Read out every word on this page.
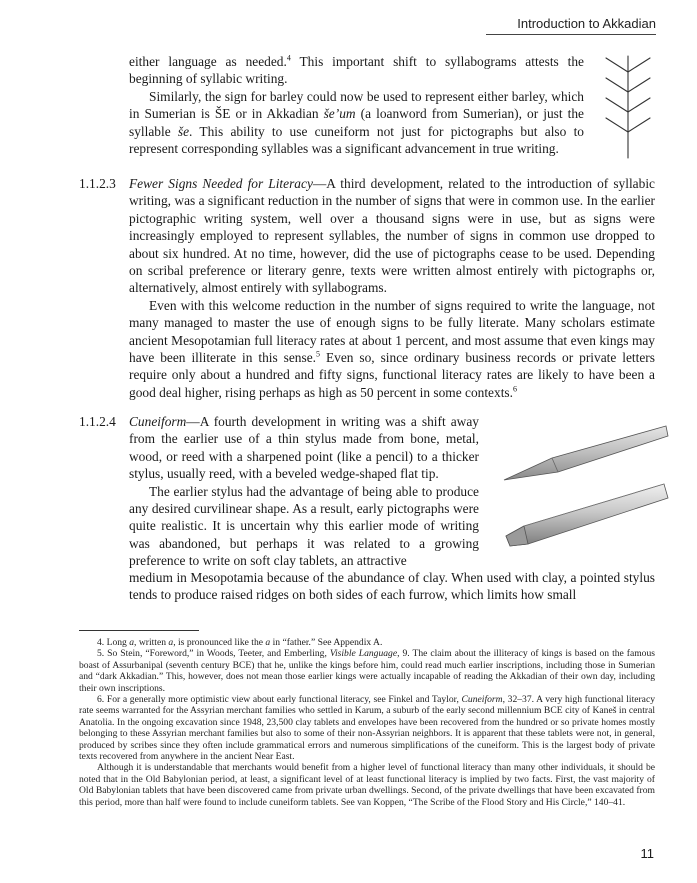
Introduction to Akkadian

either language as needed.$^4$ This important shift to syllabograms attests the beginning of syllabic writing.

Similarly, the sign for barley could now be used to represent either barley, which in Sumerian is ŠE or in Akkadian še’um (a loanword from Sumerian), or just the syllable še. This ability to use cuneiform not just for pictographs but also to represent corresponding syllables was a significant advancement in true writing.

1.1.2.3 Fewer Signs Needed for Literacy—A third development, related to the introduction of syllabic writing, was a significant reduction in the number of signs that were in common use. In the earlier pictographic writing system, well over a thousand signs were in use, but as signs were increasingly employed to represent syllables, the number of signs in common use dropped to about six hundred. At no time, however, did the use of pictographs cease to be used. Depending on scribal preference or literary genre, texts were written almost entirely with pictographs or, alternatively, almost entirely with syllabograms.

Even with this welcome reduction in the number of signs required to write the language, not many managed to master the use of enough signs to be fully literate. Many scholars estimate ancient Mesopotamian full literacy rates at about 1 percent, and most assume that even kings may have been illiterate in this sense.$^5$ Even so, since ordinary business records or private letters require only about a hundred and fifty signs, functional literacy rates are likely to have been a good deal higher, rising perhaps as high as 50 percent in some contexts.$^6$

1.1.2.4 Cuneiform—A fourth development in writing was a shift away from the earlier use of a thin stylus made from bone, metal, wood, or reed with a sharpened point (like a pencil) to a thicker stylus, usually reed, with a beveled wedge-shaped flat tip.

The earlier stylus had the advantage of being able to produce any desired curvilinear shape. As a result, early pictographs were quite realistic. It is uncertain why this earlier mode of writing was abandoned, but perhaps it was related to a growing preference to write on soft clay tablets, an attractive

medium in Mesopotamia because of the abundance of clay. When used with clay, a pointed stylus tends to produce raised ridges on both sides of each furrow, which limits how small

4. Long a, written a, is pronounced like the a in “father.” See Appendix A.

5. So Stein, “Foreword,” in Woods, Teeter, and Emberling, Visible Language, 9. The claim about the illiteracy of kings is based on the famous boast of Assurbanipal (seventh century BCE) that he, unlike the kings before him, could read much earlier inscriptions, including those in Sumerian and “dark Akkadian.” This, however, does not mean those earlier kings were actually incapable of reading the Akkadian of their own day, including their own inscriptions.

6. For a generally more optimistic view about early functional literacy, see Finkel and Taylor, Cuneiform, 32–37. A very high functional literacy rate seems warranted for the Assyrian merchant families who settled in Karum, a suburb of the early second millennium BCE city of Kaneš in central Anatolia. In the ongoing excavation since 1948, 23,500 clay tablets and envelopes have been recovered from the hundred or so private homes mostly belonging to these Assyrian merchant families but also to some of their non-Assyrian neighbors. It is apparent that these tablets were not, in general, produced by scribes since they often include grammatical errors and numerous simplifications of the cuneiform. This is the largest body of private texts recovered from anywhere in the ancient Near East.

Although it is understandable that merchants would benefit from a higher level of functional literacy than many other individuals, it should be noted that in the Old Babylonian period, at least, a significant level of at least functional literacy is implied by two facts. First, the vast majority of Old Babylonian tablets that have been discovered came from private urban dwellings. Second, of the private dwellings that have been excavated from this period, more than half were found to include cuneiform tablets. See van Koppen, “The Scribe of the Flood Story and His Circle,” 140–41.

11
